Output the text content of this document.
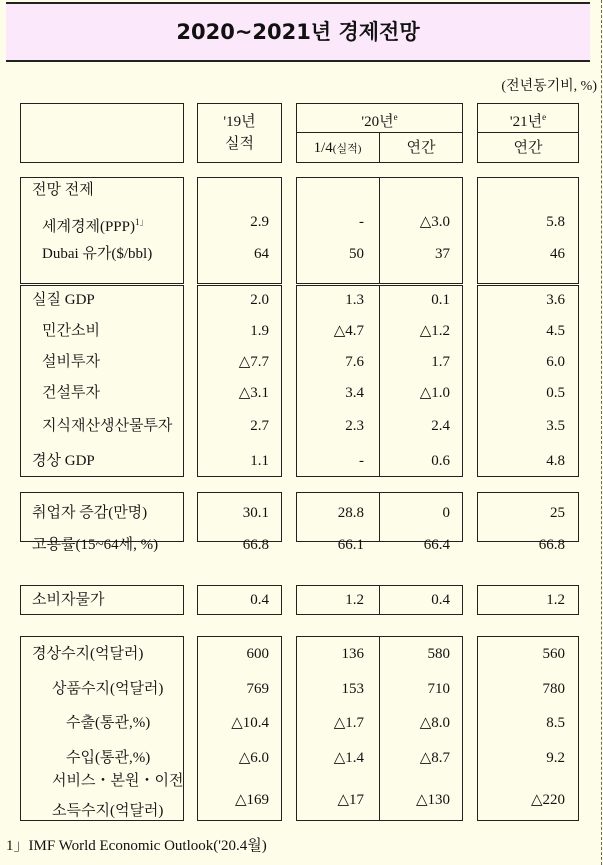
2020~2021년 경제전망
(전년동기비, %)
'19년
실적
'20년$^e$
1/4(실적)	연간
'21년$^e$
연간
전망 전제
세계경제(PPP)$^{1」}$	2.9	-	△3.0	5.8
Dubai 유가($/bbl)	64	50	37	46
실질 GDP	2.0	1.3	0.1	3.6
민간소비	1.9	△4.7	△1.2	4.5
설비투자	△7.7	7.6	1.7	6.0
건설투자	△3.1	3.4	△1.0	0.5
지식재산생산물투자	2.7	2.3	2.4	3.5
경상 GDP	1.1	-	0.6	4.8
취업자 증감(만명)	30.1	28.8	0	25
고용률(15~64세, %)	66.8	66.1	66.4	66.8
소비자물가	0.4	1.2	0.4	1.2
경상수지(억달러)	600	136	580	560
상품수지(억달러)	769	153	710	780
수출(통관,%)	△10.4	△1.7	△8.0	8.5
수입(통관,%)	△6.0	△1.4	△8.7	9.2
서비스・본원・이전
소득수지(억달러)
△169	△17	△130	△220
1」IMF World Economic Outlook('20.4월)
